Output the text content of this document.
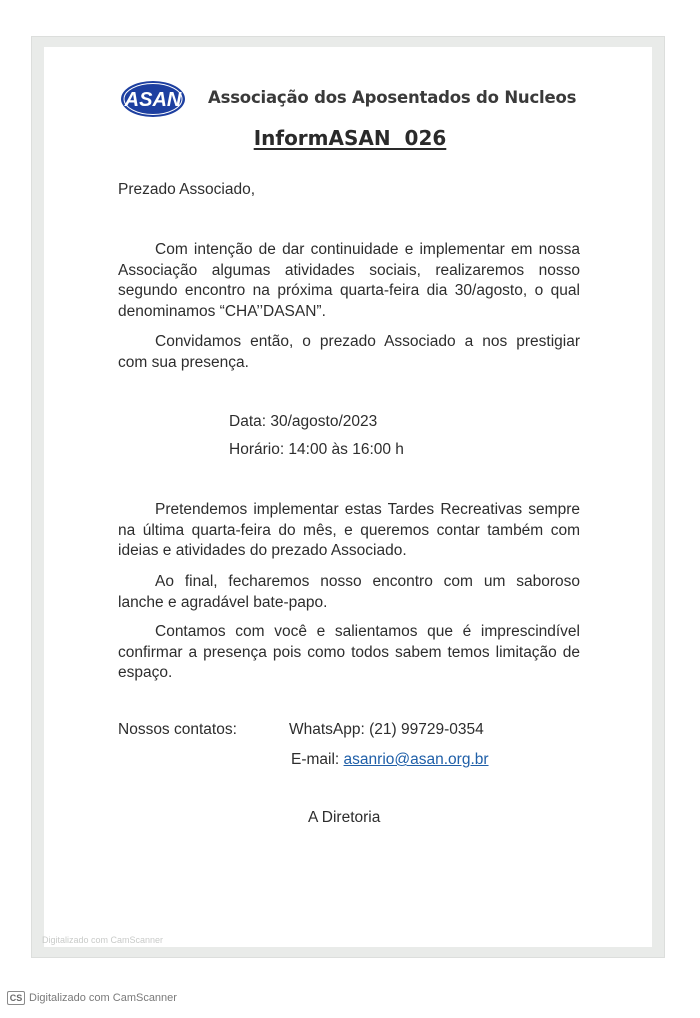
ASAN Associação dos Aposentados do Nucleos
InformASAN  026
Prezado Associado,
Com intenção de dar continuidade e implementar em nossa Associação algumas atividades sociais, realizaremos nosso segundo encontro na próxima quarta-feira dia 30/agosto, o qual denominamos “CHA’’DASAN”.
Convidamos então, o prezado Associado a nos prestigiar com sua presença.
Data: 30/agosto/2023
Horário: 14:00 às 16:00 h
Pretendemos implementar estas Tardes Recreativas sempre na última quarta-feira do mês, e queremos contar também com ideias e atividades do prezado Associado.
Ao final, fecharemos nosso encontro com um saboroso lanche e agradável bate-papo.
Contamos com você e salientamos que é imprescindível confirmar a presença pois como todos sabem temos limitação de espaço.
Nossos contatos:	WhatsApp: (21) 99729-0354
E-mail: asanrio@asan.org.br
A Diretoria
Digitalizado com CamScanner
CS Digitalizado com CamScanner
